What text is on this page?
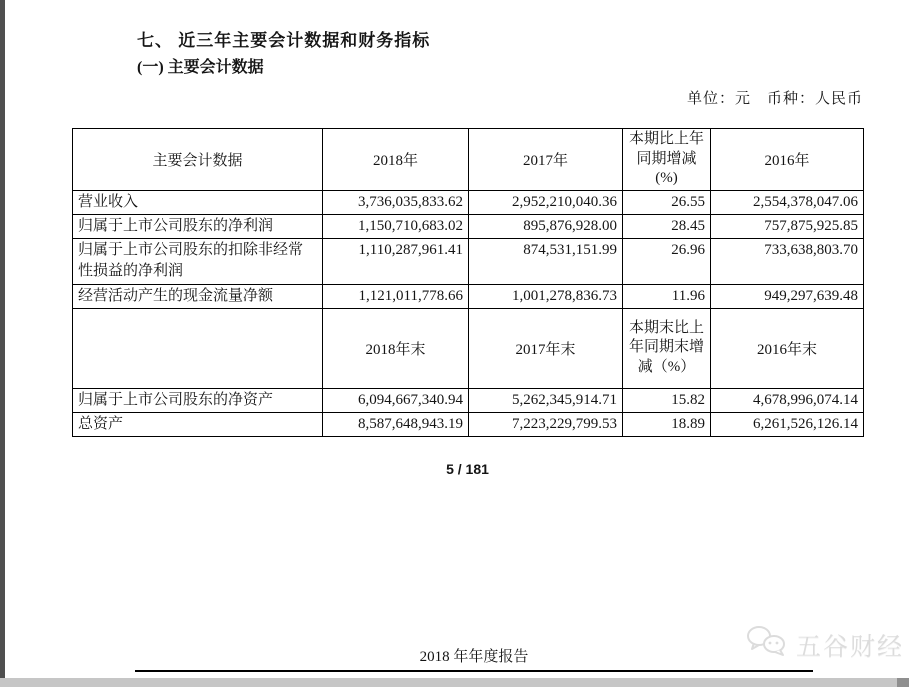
七、 近三年主要会计数据和财务指标
(一) 主要会计数据
单位：元　币种：人民币
主要会计数据	2018年	2017年	本期比上年同期增减(%)	2016年
营业收入	3,736,035,833.62	2,952,210,040.36	26.55	2,554,378,047.06
归属于上市公司股东的净利润	1,150,710,683.02	895,876,928.00	28.45	757,875,925.85
归属于上市公司股东的扣除非经常性损益的净利润	1,110,287,961.41	874,531,151.99	26.96	733,638,803.70
经营活动产生的现金流量净额	1,121,011,778.66	1,001,278,836.73	11.96	949,297,639.48
	2018年末	2017年末	本期末比上年同期末增减（%）	2016年末
归属于上市公司股东的净资产	6,094,667,340.94	5,262,345,914.71	15.82	4,678,996,074.14
总资产	8,587,648,943.19	7,223,229,799.53	18.89	6,261,526,126.14
5 / 181
五谷财经
2018 年年度报告
